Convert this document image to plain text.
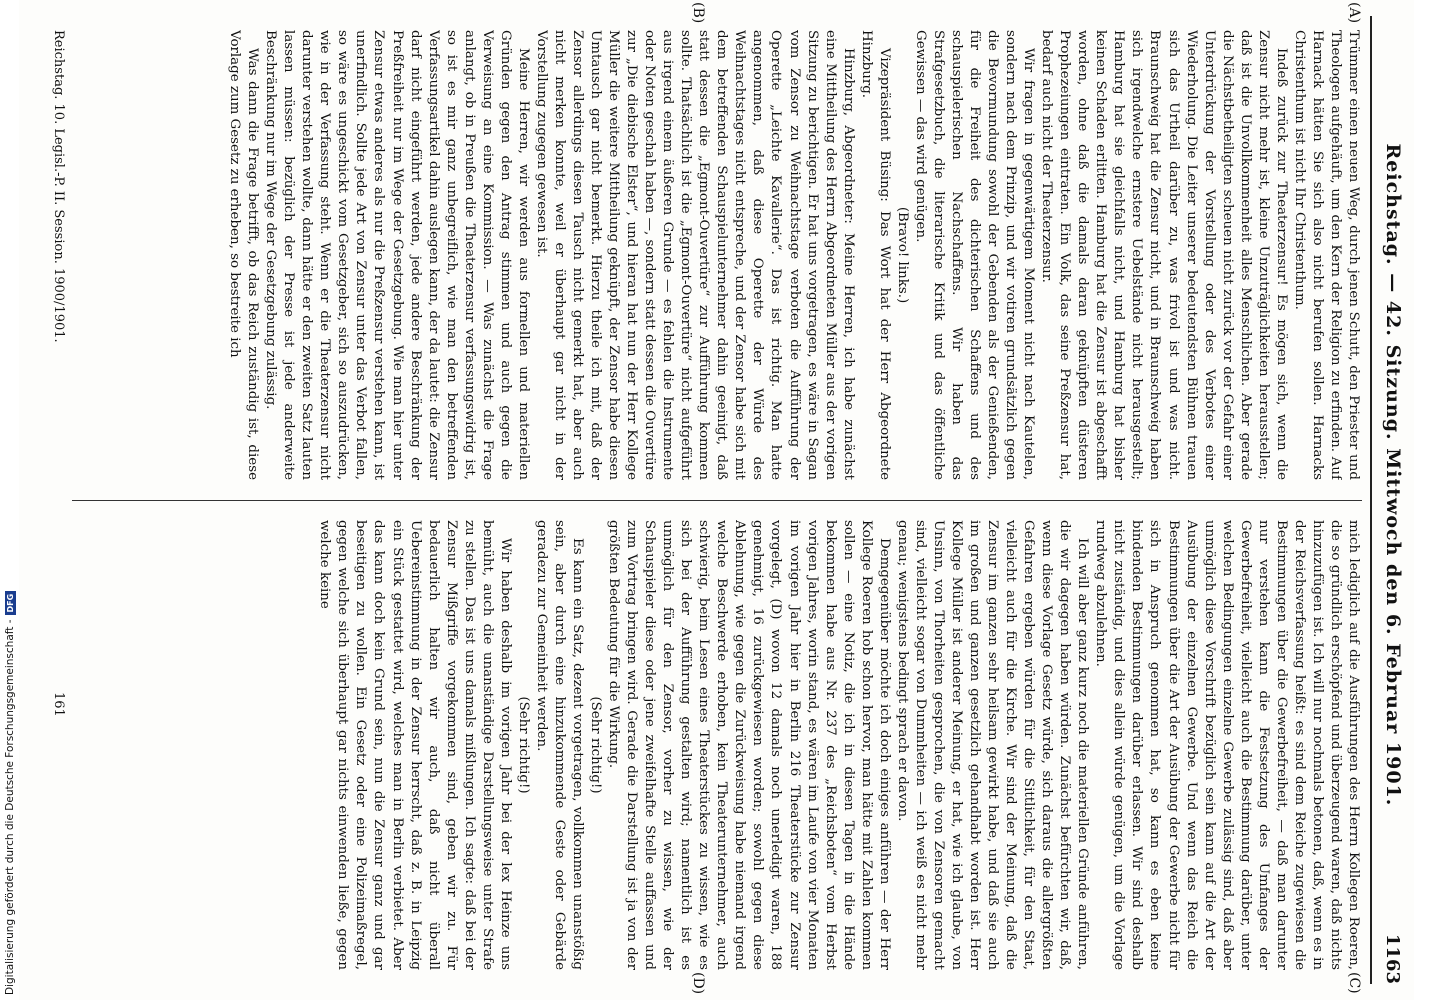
Reichstag. — 42. Sitzung. Mittwoch den 6. Februar 1901.
1163
(A)
(B)
(C)
(D)

Trümmer einen neuen Weg, durch jenen Schutt, den Priester und Theologen aufgehäuft, um den Kern der Religion zu erfinden. Auf Harnack hätten Sie sich also nicht berufen sollen. Harnacks Christenthum ist nicht Ihr Christenthum.

Indeß zurück zur Theaterzensur! Es mögen sich, wenn die Zensur nicht mehr ist, kleine Unzuträglichkeiten herausstellen; daß ist die Unvollkommenheit alles Menschlichen. Aber gerade die Nächstbetheiligten scheuen nicht zurück vor der Gefahr einer Unterdrückung der Vorstellung oder des Verbotes einer Wiederholung. Die Leiter unserer bedeutendsten Bühnen trauen sich das Urtheil darüber zu, was frivol ist und was nicht. Braunschweig hat die Zensur nicht, und in Braunschweig haben sich irgendwelche ernstere Uebelstände nicht herausgestellt; Hamburg hat sie gleichfalls nicht, und Hamburg hat bisher keinen Schaden erlitten. Hamburg hat die Zensur ist abgeschafft worden, ohne daß die damals daran geknüpften düsteren Prophezeiungen eintraten. Ein Volk, das seine Preßzensur hat, bedarf auch nicht der Theaterzensur.

Wir fragen in gegenwärtigem Moment nicht nach Kautelen, sondern nach dem Prinzip, und wir votiren grundsätzlich gegen die Bevormundung sowohl der Gebenden als der Genießenden, für die Freiheit des dichterischen Schaffens und des schauspielerischen Nachschaffens. Wir haben das Strafgesetzbuch, die literarische Kritik und das öffentliche Gewissen — das wird genügen.

(Bravo! links.)

Vizepräsident Büsing: Das Wort hat der Herr Abgeordnete Hinzburg.

Hinzburg, Abgeordneter: Meine Herren, ich habe zunächst eine Mittheilung des Herrn Abgeordneten Müller aus der vorigen Sitzung zu berichtigen. Er hat uns vorgetragen, es wäre in Sagan vom Zensor zu Weihnachtstage verboten die Aufführung der Operette „Leichte Kavallerie“. Das ist richtig. Man hatte angenommen, daß diese Operette der Würde des Weihnachtstages nicht entspreche, und der Zensor habe sich mit dem betreffenden Schauspielunternehmer dahin geeinigt, daß statt dessen die „Egmont-Ouvertüre“ zur Aufführung kommen sollte. Thatsächlich ist die „Egmont-Ouvertüre“ nicht aufgeführt aus irgend einem äußeren Grunde — es fehlen die Instrumente oder Noten geschah haben —, sondern statt dessen die Ouvertüre zur „Die diebische Elster“, und hieran hat nun der Herr Kollege Müller die weitere Mittheilung geknüpft, der Zensor habe diesen Umtausch gar nicht bemerkt. Hierzu theile ich mit, daß der Zensor allerdings diesen Tausch nicht gemerkt hat, aber auch nicht merken konnte, weil er überhaupt gar nicht in der Vorstellung zugegen gewesen ist.

Meine Herren, wir werden aus formellen und materiellen Gründen gegen den Antrag stimmen und auch gegen die Verweisung an eine Kommission. — Was zunächst die Frage anlangt, ob in Preußen die Theaterzensur verfassungswidrig ist, so ist es mir ganz unbegreiflich, wie man den betreffenden Verfassungsartikel dahin auslegen kann, der da lautet: die Zensur darf nicht eingeführt werden, jede andere Beschränkung der Preßfreiheit nur im Wege der Gesetzgebung. Wie man hier unter Zensur etwas anderes als nur die Preßzensur verstehen kann, ist unerfindlich. Sollte jede Art von Zensur unter das Verbot fallen, so wäre es ungeschickt vom Gesetzgeber, sich so auszudrücken, wie in der Verfassung steht. Wenn er die Theaterzensur nicht darunter verstehen wollte, dann hätte er den zweiten Satz lauten lassen müssen: bezüglich der Presse ist jede anderweite Beschränkung nur im Wege der Gesetzgebung zulässig.

Was dann die Frage betrifft, ob das Reich zuständig ist, diese Vorlage zum Gesetz zu erheben, so bestreite ich

mich lediglich auf die Ausführungen des Herrn Kollegen Roeren, die so gründlich erschöpfend und überzeugend waren, daß nichts hinzuzufügen ist. Ich will nur nochmals betonen, daß, wenn es in der Reichsverfassung heißt: es sind dem Reiche zugewiesen die Bestimmungen über die Gewerbefreiheit, — daß man darunter nur verstehen kann die Festsetzung des Umfanges der Gewerbefreiheit, vielleicht auch die Bestimmung darüber, unter welchen Bedingungen einzelne Gewerbe zulässig sind, daß aber unmöglich diese Vorschrift bezüglich sein kann auf die Art der Ausübung der einzelnen Gewerbe. Und wenn das Reich die Bestimmungen über die Art der Ausübung der Gewerbe nicht für sich in Anspruch genommen hat, so kann es eben keine bindenden Bestimmungen darüber erlassen. Wir sind deshalb nicht zuständig, und dies allein würde genügen, um die Vorlage rundweg abzulehnen.

Ich will aber ganz kurz noch die materiellen Gründe anführen, die wir dagegen haben würden. Zunächst befürchten wir, daß, wenn diese Vorlage Gesetz würde, sich daraus die allergrößten Gefahren ergeben würden für die Sittlichkeit, für den Staat, vielleicht auch für die Kirche. Wir sind der Meinung, daß die Zensur im ganzen sehr heilsam gewirkt habe, und daß sie auch im großen und ganzen gesetzlich gehandhabt worden ist. Herr Kollege Müller ist anderer Meinung, er hat, wie ich glaube, von Unsinn, von Thorheiten gesprochen, die von Zensoren gemacht sind, vielleicht sogar von Dummheiten — ich weiß es nicht mehr genau; wenigstens bedingt sprach er davon.

Demgegenüber möchte ich doch einiges anführen — der Herr Kollege Roeren hob schon hervor, man hätte mit Zahlen kommen sollen — eine Notiz, die ich in diesen Tagen in die Hände bekommen habe aus Nr. 237 des „Reichsboten“ vom Herbst vorigen Jahres, worin stand, es wären im Laufe von vier Monaten im vorigen Jahr hier in Berlin 216 Theaterstücke zur Zensur vorgelegt, (D) wovon 12 damals noch unerledigt waren, 188 genehmigt, 16 zurückgewiesen worden; sowohl gegen diese Ablehnung, wie gegen die Zurückweisung habe niemand irgend welche Beschwerde erhoben, kein Theaterunternehmer, auch schwierig, beim Lesen eines Theaterstückes zu wissen, wie es sich bei der Aufführung gestalten wird; namentlich ist es unmöglich für den Zensor, vorher zu wissen, wie der Schauspieler diese oder jene zweifelhafte Stelle auffassen und zum Vortrag bringen wird. Gerade die Darstellung ist ja von der größten Bedeutung für die Wirkung.

(Sehr richtig!)

Es kann ein Satz, dezent vorgetragen, vollkommen unanstößig sein, aber durch eine hinzukommende Geste oder Gebärde geradezu zur Gemeinheit werden.

(Sehr richtig!)

Wir haben deshalb im vorigen Jahr bei der lex Heinze uns bemüht, auch die unanständige Darstellungsweise unter Strafe zu stellen. Das ist uns damals mißlungen. Ich sagte: daß bei der Zensur Mißgriffe vorgekommen sind, geben wir zu. Für bedauerlich halten wir auch, daß nicht überall Uebereinstimmung in der Zensur herrscht, daß z. B. in Leipzig ein Stück gestattet wird, welches man in Berlin verbietet. Aber das kann doch kein Grund sein, nun die Zensur ganz und gar beseitigen zu wollen. Ein Gesetz oder eine Polizeimaßregel, gegen welche sich überhaupt gar nichts einwenden ließe, gegen welche keine

Reichstag. 10. Legisl.-P. II. Session. 1900/1901.
161
Digitalisierung gefördert durch die Deutsche Forschungsgemeinschaft -
DFG
